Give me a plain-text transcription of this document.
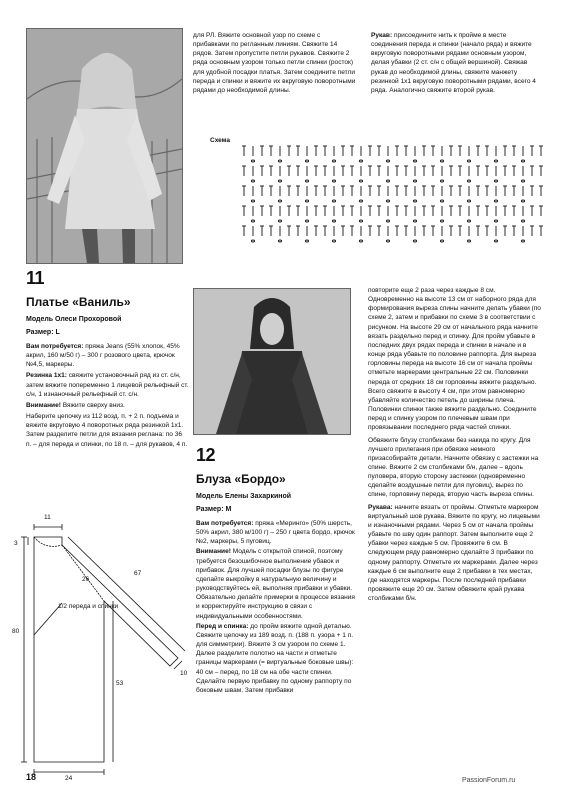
для РЛ. Вяжите основной узор по схеме с прибавками по регланным линиям. Свяжите 14 рядов. Затем пропустите петли рукавов. Свяжите 2 ряда основным узором только петли спинки (росток) для удобной посадки платья. Затем соедините петли переда и спинки и вяжите их вкруговую поворотными рядами до необходимой длины.
Рукав: присоедините нить к пройме в месте соединения переда и спинки (начало ряда) и вяжите вкруговую поворотными рядами основным узором, делая убавки (2 ст. с/н с общей вершиной). Свяжав рукав до необходимой длины, свяжите манжету резинкой 1x1 вкруговую поворотными рядами, всего 4 ряда. Аналогично свяжите второй рукав.
Схема
11
Платье «Ваниль»
Модель Олеси Прохоровой
Размер: L

Вам потребуется: пряжа Jeans (55% хлопок, 45% акрил, 160 м/50 г) – 300 г розового цвета, крючок №4,5, маркеры.

Резинка 1x1: свяжите установочный ряд из ст. с/н, затем вяжите попеременно 1 лицевой рельефный ст. с/н, 1 изнаночный рельефный ст. с/н.

Внимание! Вяжите сверху вниз.

Наберите цепочку из 112 возд. п. + 2 п. подъема и вяжите вкруговую 4 поворотных ряда резинкой 1x1. Затем разделите петли для вязания реглана: по 36 п. – для переда и спинки, по 18 п. – для рукавов, 4 п.

11
3
26
67
1/2 переда и спинки
80
53
10
24
12
Блуза «Бордо»
Модель Елены Захаркиной
Размер: M

Вам потребуется: пряжа «Меринго» (50% шерсть, 50% акрил, 380 м/100 г) – 250 г цвета бордо, крючок №2, маркеры, 5 пуговиц.

Внимание! Модель с открытой спиной, поэтому требуется безошибочное выполнение убавок и прибавок. Для лучшей посадки блузы по фигуре сделайте выкройку в натуральную величину и руководствуйтесь ей, выполняя прибавки и убавки. Обязательно делайте примерки в процессе вязания и корректируйте инструкцию в связи с индивидуальными особенностями.

Перед и спинка: до пройм вяжите одной деталью. Свяжите цепочку из 189 возд. п. (188 п. узора + 1 п. для симметрии). Вяжите 3 см узором по схеме 1. Далее разделите полотно на части и отметьте границы маркерами (= виртуальные боковые швы): 40 см – перед, по 18 см на обе части спинки. Сделайте первую прибавку по одному раппорту по боковым швам. Затем прибавки

повторите еще 2 раза через каждые 8 см. Одновременно на высоте 13 см от наборного ряда для формирования выреза спины начните делать убавки (по схеме 2, затем и прибавки по схеме 3 в соответствии с рисунком. На высоте 29 см от начального ряда начните вязать раздельно перед и спинку. Для пройм убавьте в последних двух рядах переда и спинки в начале и в конце ряда убавьте по половине раппорта. Для выреза горловины переда на высоте 16 см от начала проймы отметьте маркерами центральные 22 см. Половинки переда от средних 18 см горловины вяжите раздельно. Всего свяжите в высоту 4 см, при этом равномерно убавляйте количество петель до ширины плеча. Половинки спинки также вяжите раздельно. Соедините перед и спинку узором по плечевым швам при провязывании последнего ряда частей спинки.

Обвяжите блузу столбиками без накида по кругу. Для лучшего прилегания при обвязке немного призасобирайте детали. Начните обвязку с застежки на спине. Вяжите 2 см столбиками б/н, далее – вдоль пуловера, вторую сторону застежки (одновременно сделайте воздушные петли для пуговиц), вырез по спине, горловину переда, вторую часть выреза спины.

Рукава: начните вязать от проймы. Отметьте маркером виртуальный шов рукава. Вяжите по кругу, но лицевыми и изнаночными рядами. Через 5 см от начала проймы убавьте по шву один раппорт. Затем выполните еще 2 убавки через каждые 5 см. Провяжите 6 см. В следующем ряду равномерно сделайте 3 прибавки по одному раппорту. Отметьте их маркерами. Далее через каждые 6 см выполните еще 2 прибавки в тех местах, где находятся маркеры. После последней прибавки провяжите еще 20 см. Затем обвяжите край рукава столбиками б/н.

18	PassionForum.ru
